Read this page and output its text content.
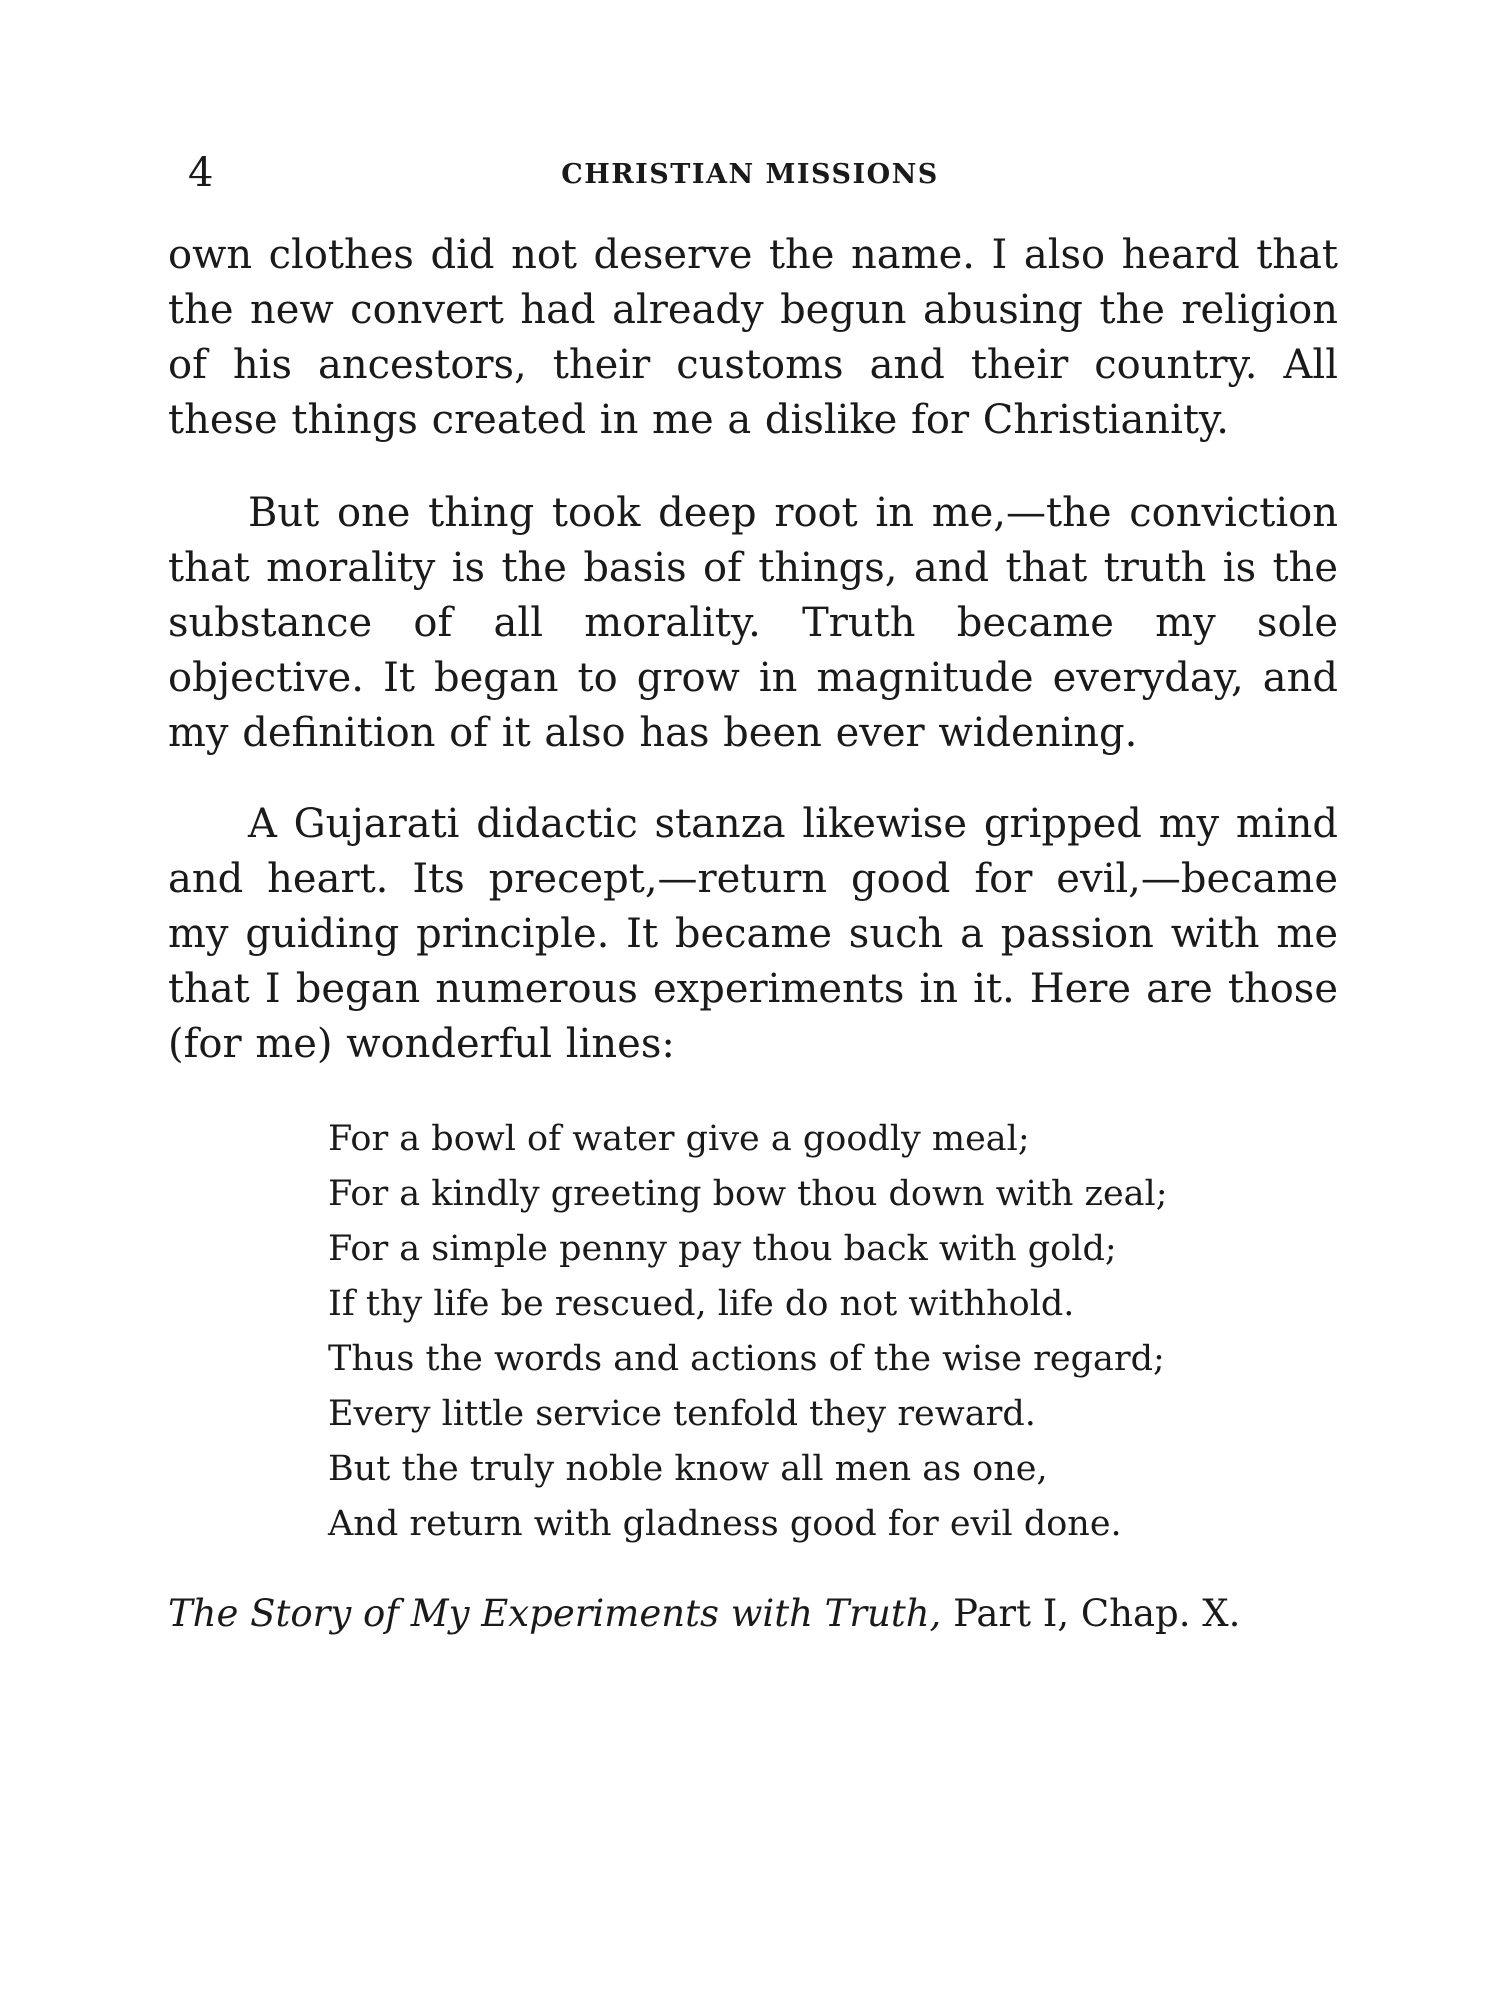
4	CHRISTIAN MISSIONS

own clothes did not deserve the name. I also heard that the new convert had already begun abusing the religion of his ancestors, their customs and their country. All these things created in me a dislike for Christianity.

But one thing took deep root in me,—the conviction that morality is the basis of things, and that truth is the substance of all morality. Truth became my sole objective. It began to grow in magnitude everyday, and my definition of it also has been ever widening.

A Gujarati didactic stanza likewise gripped my mind and heart. Its precept,—return good for evil,—became my guiding principle. It became such a passion with me that I began numerous experiments in it. Here are those (for me) wonderful lines:

For a bowl of water give a goodly meal;
For a kindly greeting bow thou down with zeal;
For a simple penny pay thou back with gold;
If thy life be rescued, life do not withhold.
Thus the words and actions of the wise regard;
Every little service tenfold they reward.
But the truly noble know all men as one,
And return with gladness good for evil done.
The Story of My Experiments with Truth, Part I, Chap. X.
